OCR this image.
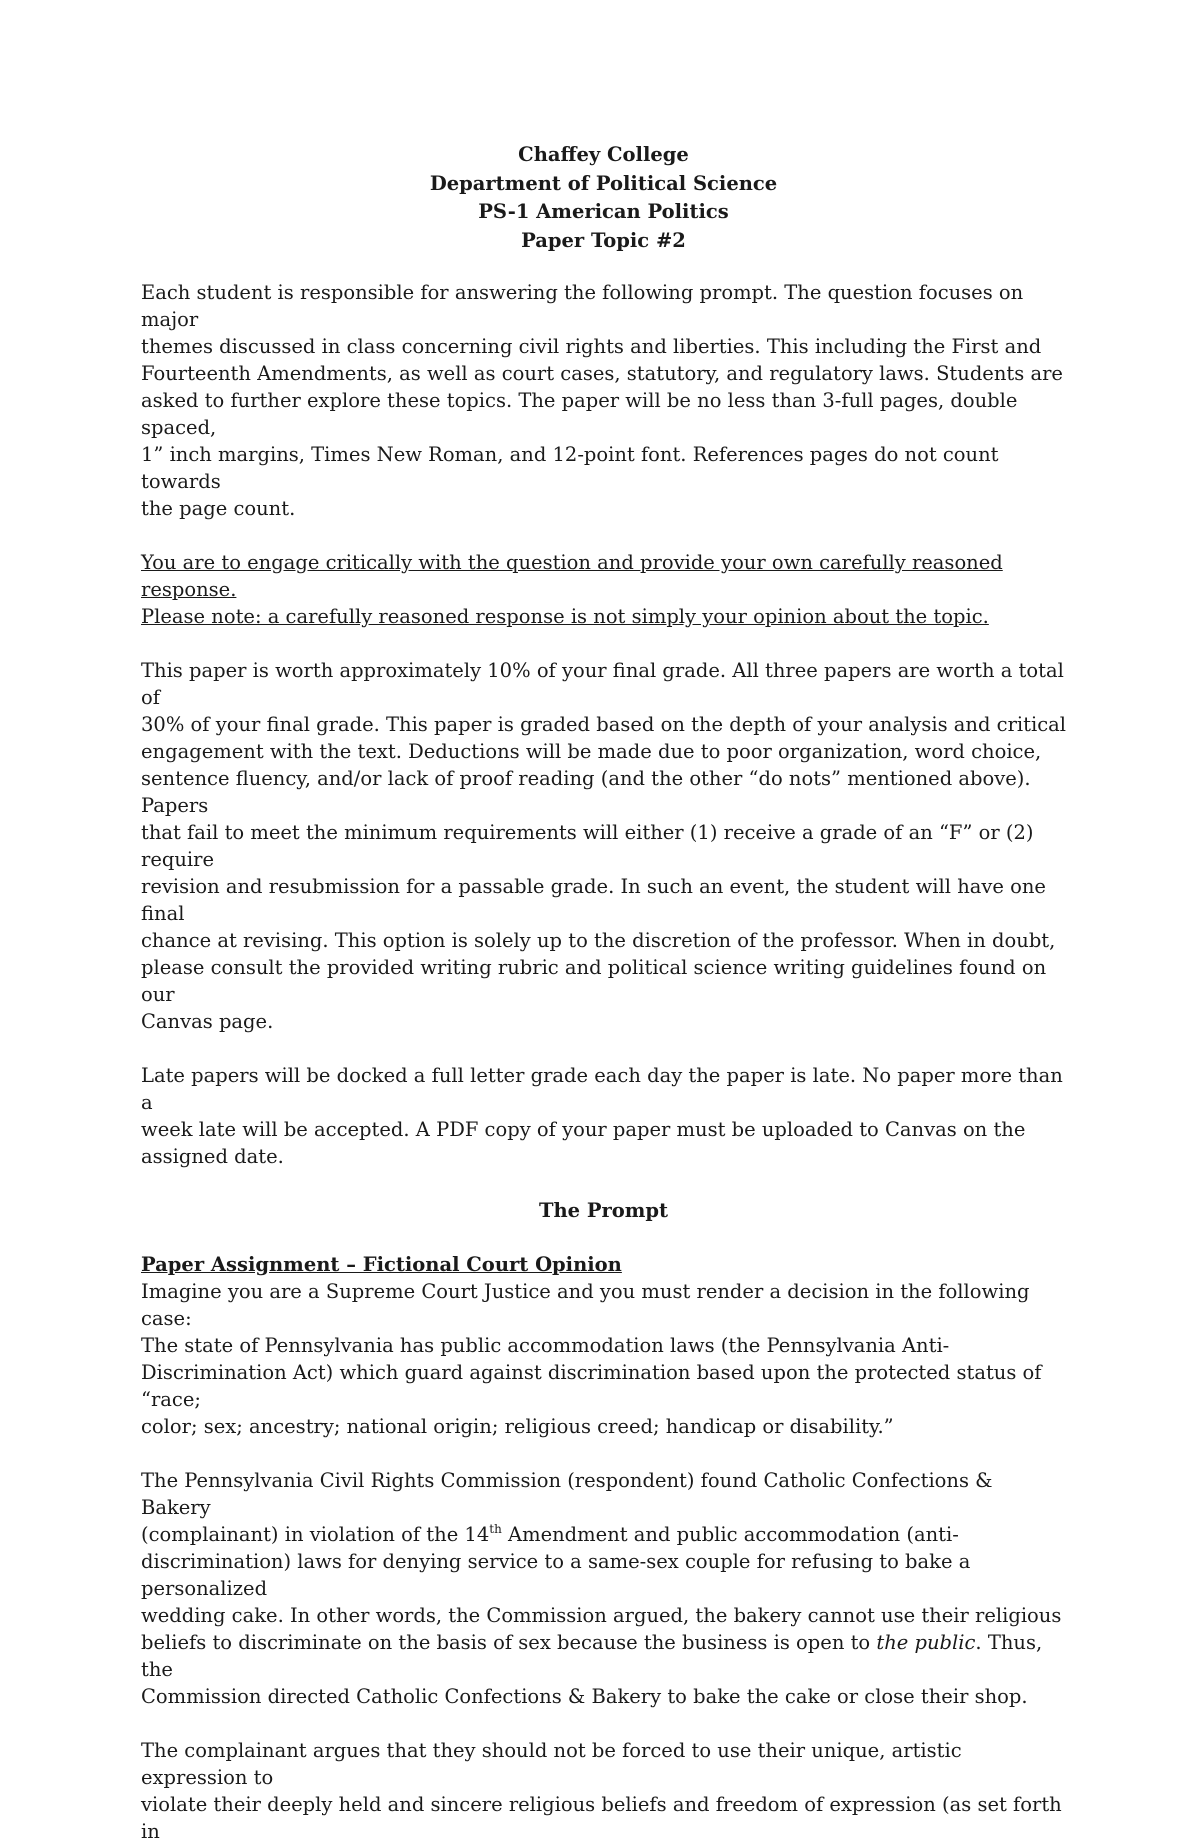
Chaffey College
Department of Political Science
PS-1 American Politics
Paper Topic #2
Each student is responsible for answering the following prompt. The question focuses on major
themes discussed in class concerning civil rights and liberties. This including the First and
Fourteenth Amendments, as well as court cases, statutory, and regulatory laws. Students are
asked to further explore these topics. The paper will be no less than 3-full pages, double spaced,
1” inch margins, Times New Roman, and 12-point font. References pages do not count towards
the page count.
You are to engage critically with the question and provide your own carefully reasoned response.
Please note: a carefully reasoned response is not simply your opinion about the topic.
This paper is worth approximately 10% of your final grade. All three papers are worth a total of
30% of your final grade. This paper is graded based on the depth of your analysis and critical
engagement with the text. Deductions will be made due to poor organization, word choice,
sentence fluency, and/or lack of proof reading (and the other “do nots” mentioned above). Papers
that fail to meet the minimum requirements will either (1) receive a grade of an “F” or (2) require
revision and resubmission for a passable grade. In such an event, the student will have one final
chance at revising. This option is solely up to the discretion of the professor. When in doubt,
please consult the provided writing rubric and political science writing guidelines found on our
Canvas page.
Late papers will be docked a full letter grade each day the paper is late. No paper more than a
week late will be accepted. A PDF copy of your paper must be uploaded to Canvas on the
assigned date.
The Prompt
Paper Assignment – Fictional Court Opinion
Imagine you are a Supreme Court Justice and you must render a decision in the following case:
The state of Pennsylvania has public accommodation laws (the Pennsylvania Anti-
Discrimination Act) which guard against discrimination based upon the protected status of “race;
color; sex; ancestry; national origin; religious creed; handicap or disability.”
The Pennsylvania Civil Rights Commission (respondent) found Catholic Confections & Bakery
(complainant) in violation of the 14th Amendment and public accommodation (anti-
discrimination) laws for denying service to a same-sex couple for refusing to bake a personalized
wedding cake. In other words, the Commission argued, the bakery cannot use their religious
beliefs to discriminate on the basis of sex because the business is open to the public. Thus, the
Commission directed Catholic Confections & Bakery to bake the cake or close their shop.
The complainant argues that they should not be forced to use their unique, artistic expression to
violate their deeply held and sincere religious beliefs and freedom of expression (as set forth in
